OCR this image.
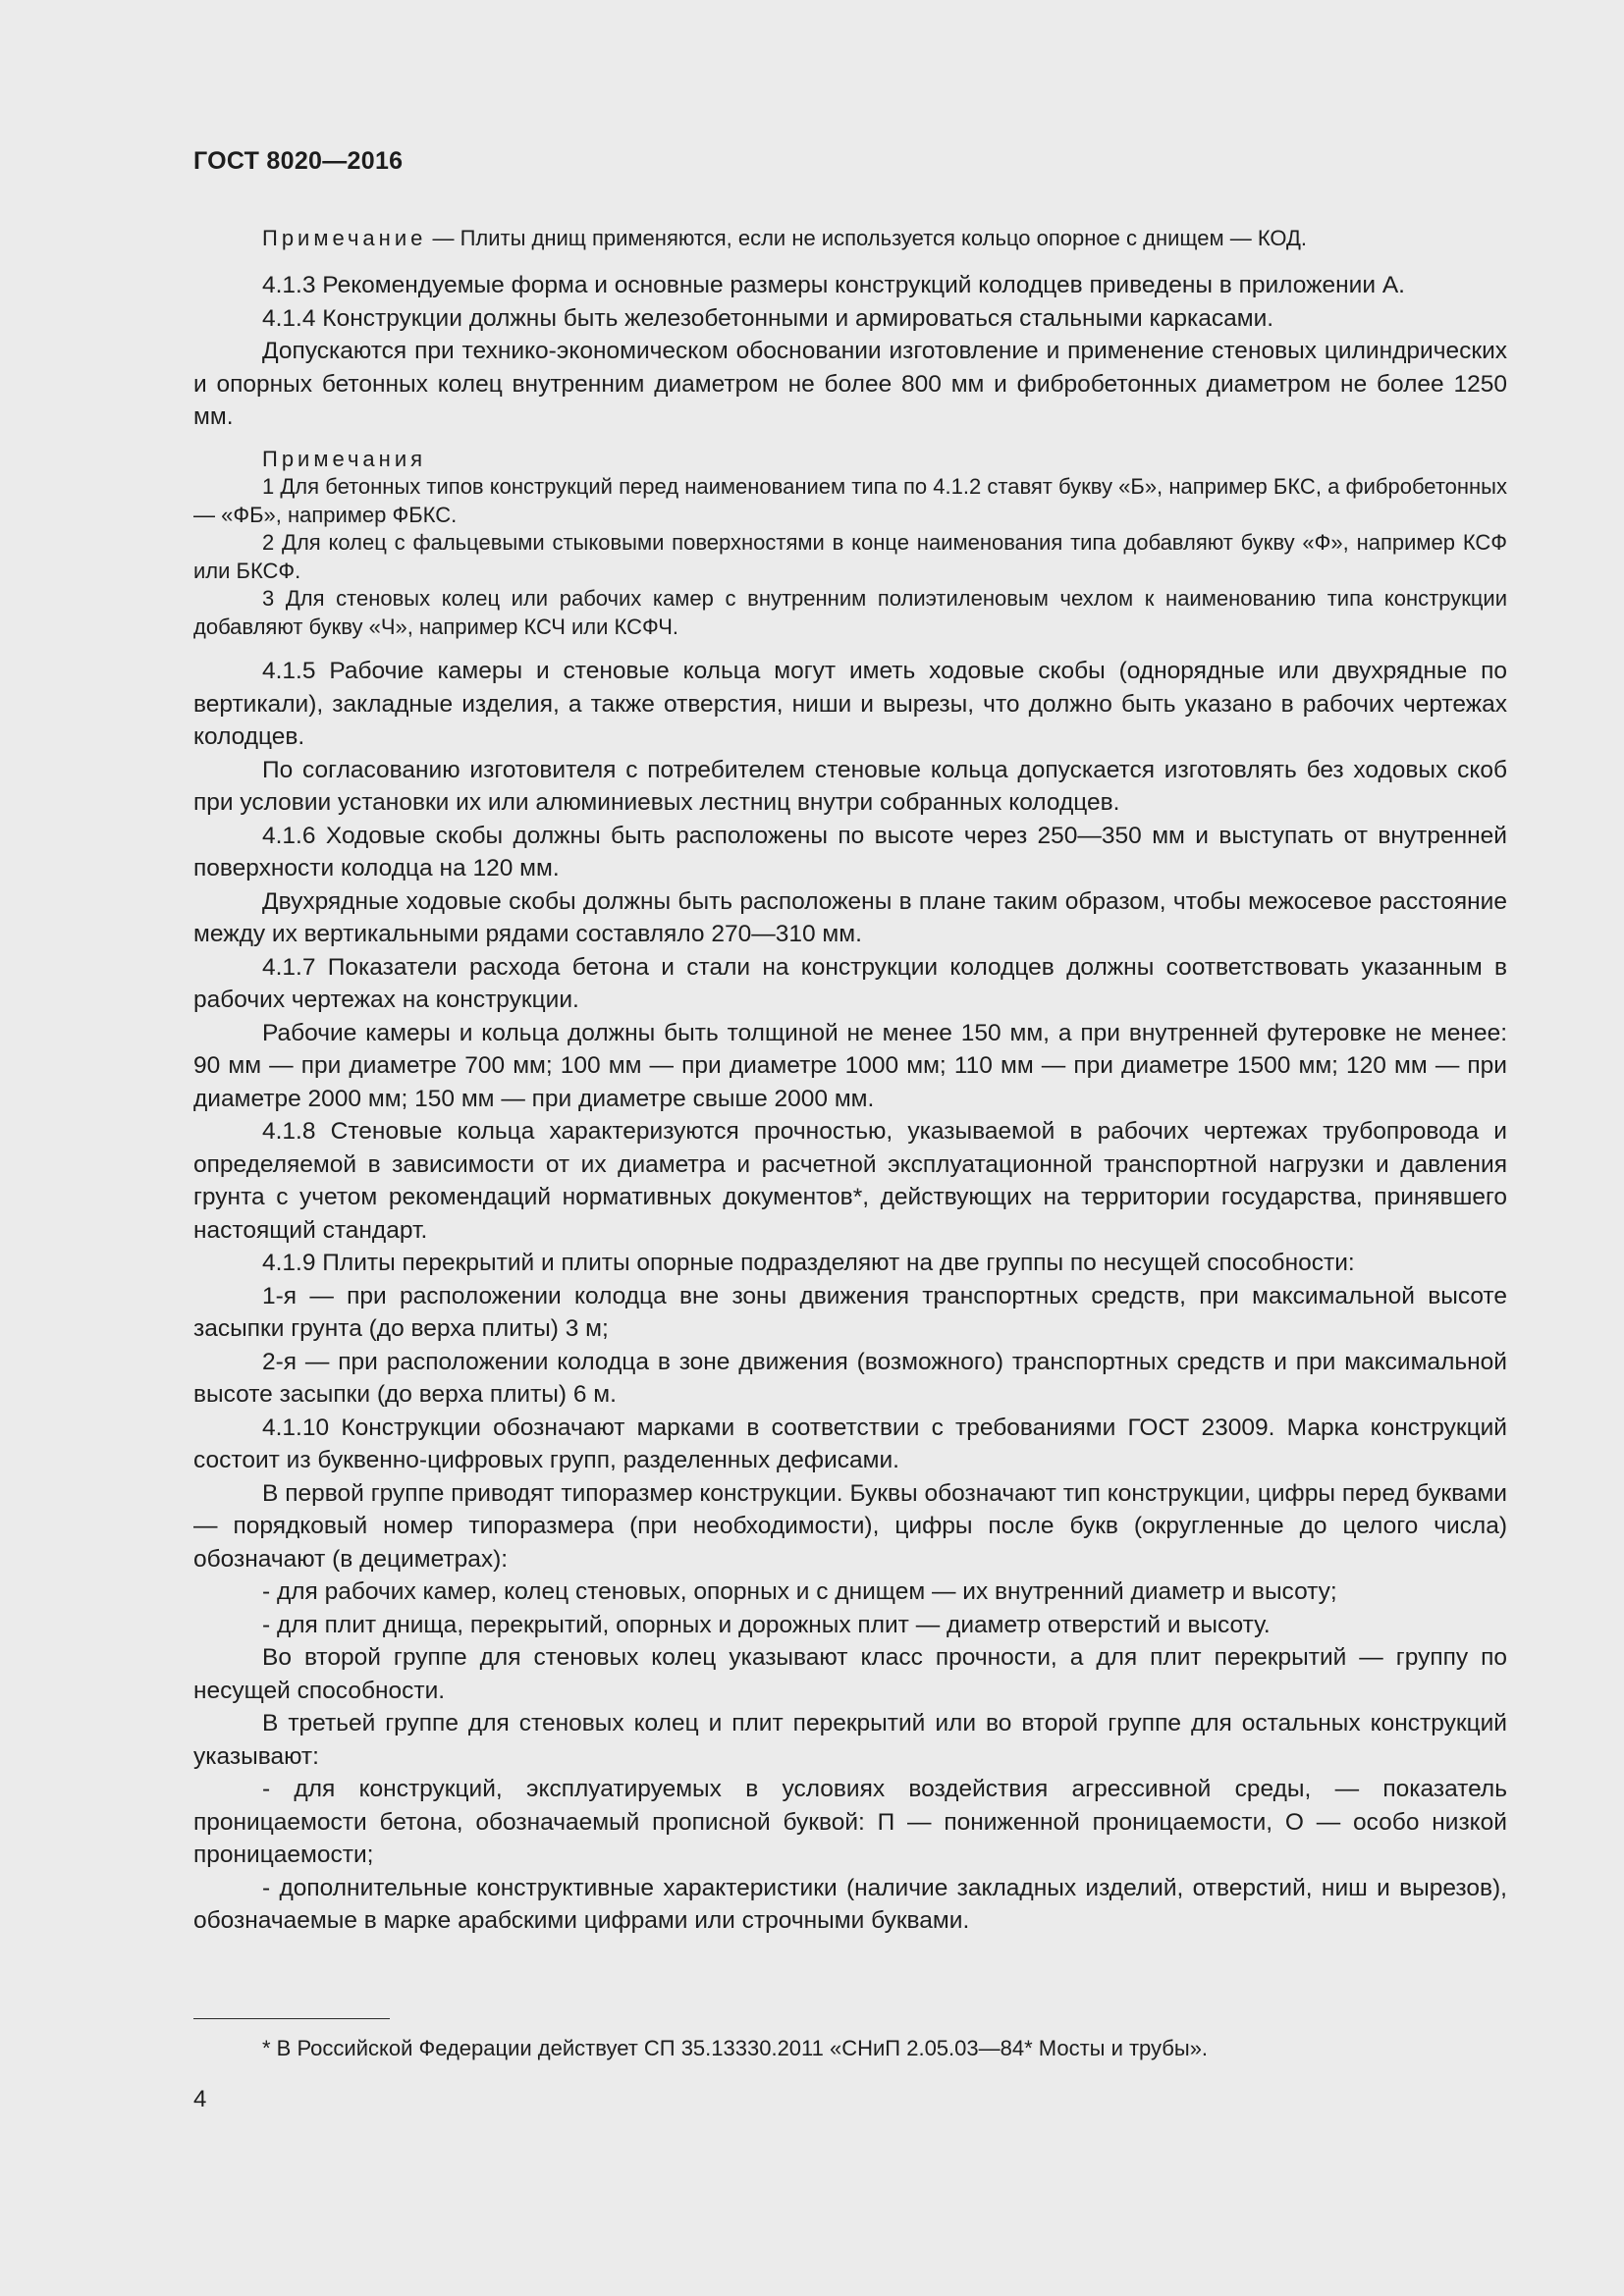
ГОСТ 8020—2016

Примечание — Плиты днищ применяются, если не используется кольцо опорное с днищем — КОД.

4.1.3 Рекомендуемые форма и основные размеры конструкций колодцев приведены в приложении А.

4.1.4 Конструкции должны быть железобетонными и армироваться стальными каркасами.

Допускаются при технико-экономическом обосновании изготовление и применение стеновых цилиндрических и опорных бетонных колец внутренним диаметром не более 800 мм и фибробетонных диаметром не более 1250 мм.

Примечания

1 Для бетонных типов конструкций перед наименованием типа по 4.1.2 ставят букву «Б», например БКС, а фибробетонных — «ФБ», например ФБКС.

2 Для колец с фальцевыми стыковыми поверхностями в конце наименования типа добавляют букву «Ф», например КСФ или БКСФ.

3 Для стеновых колец или рабочих камер с внутренним полиэтиленовым чехлом к наименованию типа конструкции добавляют букву «Ч», например КСЧ или КСФЧ.

4.1.5 Рабочие камеры и стеновые кольца могут иметь ходовые скобы (однорядные или двухрядные по вертикали), закладные изделия, а также отверстия, ниши и вырезы, что должно быть указано в рабочих чертежах колодцев.

По согласованию изготовителя с потребителем стеновые кольца допускается изготовлять без ходовых скоб при условии установки их или алюминиевых лестниц внутри собранных колодцев.

4.1.6 Ходовые скобы должны быть расположены по высоте через 250—350 мм и выступать от внутренней поверхности колодца на 120 мм.

Двухрядные ходовые скобы должны быть расположены в плане таким образом, чтобы межосевое расстояние между их вертикальными рядами составляло 270—310 мм.

4.1.7 Показатели расхода бетона и стали на конструкции колодцев должны соответствовать указанным в рабочих чертежах на конструкции.

Рабочие камеры и кольца должны быть толщиной не менее 150 мм, а при внутренней футеровке не менее: 90 мм — при диаметре 700 мм; 100 мм — при диаметре 1000 мм; 110 мм — при диаметре 1500 мм; 120 мм — при диаметре 2000 мм; 150 мм — при диаметре свыше 2000 мм.

4.1.8 Стеновые кольца характеризуются прочностью, указываемой в рабочих чертежах трубопровода и определяемой в зависимости от их диаметра и расчетной эксплуатационной транспортной нагрузки и давления грунта с учетом рекомендаций нормативных документов*, действующих на территории государства, принявшего настоящий стандарт.

4.1.9 Плиты перекрытий и плиты опорные подразделяют на две группы по несущей способности:

1-я — при расположении колодца вне зоны движения транспортных средств, при максимальной высоте засыпки грунта (до верха плиты) 3 м;

2-я — при расположении колодца в зоне движения (возможного) транспортных средств и при максимальной высоте засыпки (до верха плиты) 6 м.

4.1.10 Конструкции обозначают марками в соответствии с требованиями ГОСТ 23009. Марка конструкций состоит из буквенно-цифровых групп, разделенных дефисами.

В первой группе приводят типоразмер конструкции. Буквы обозначают тип конструкции, цифры перед буквами — порядковый номер типоразмера (при необходимости), цифры после букв (округленные до целого числа) обозначают (в дециметрах):

- для рабочих камер, колец стеновых, опорных и с днищем — их внутренний диаметр и высоту;

- для плит днища, перекрытий, опорных и дорожных плит — диаметр отверстий и высоту.

Во второй группе для стеновых колец указывают класс прочности, а для плит перекрытий — группу по несущей способности.

В третьей группе для стеновых колец и плит перекрытий или во второй группе для остальных конструкций указывают:

- для конструкций, эксплуатируемых в условиях воздействия агрессивной среды, — показатель проницаемости бетона, обозначаемый прописной буквой: П — пониженной проницаемости, О — особо низкой проницаемости;

- дополнительные конструктивные характеристики (наличие закладных изделий, отверстий, ниш и вырезов), обозначаемые в марке арабскими цифрами или строчными буквами.

* В Российской Федерации действует СП 35.13330.2011 «СНиП 2.05.03—84* Мосты и трубы».

4
